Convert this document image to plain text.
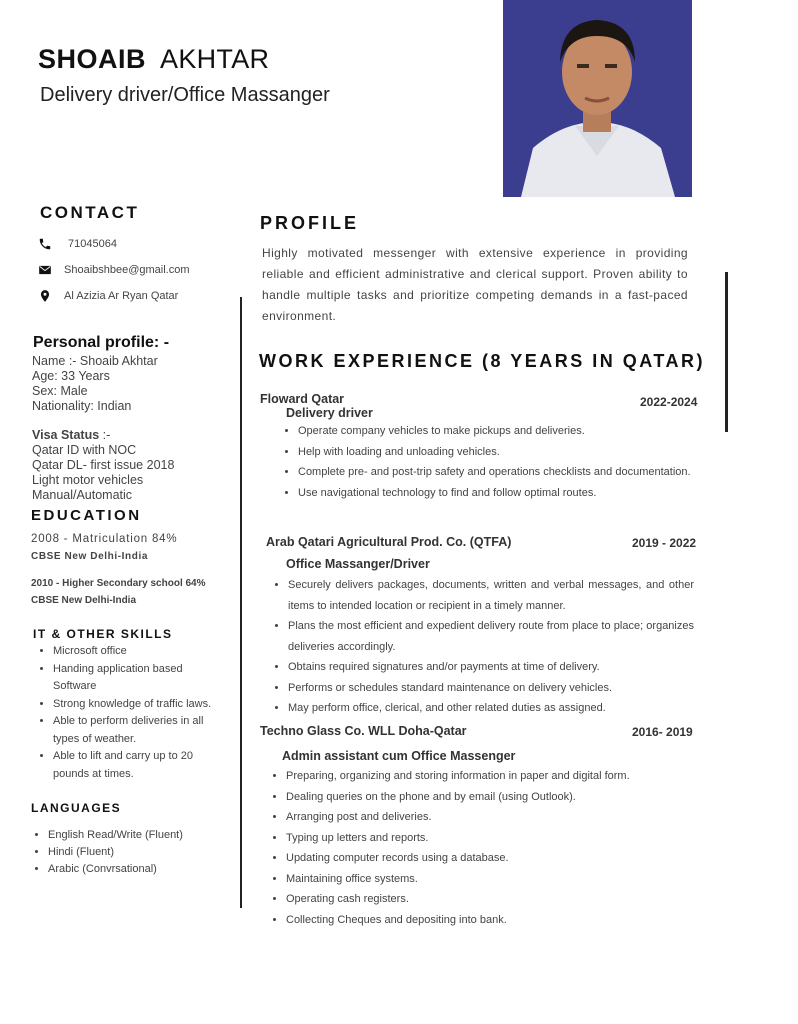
SHOAIB AKHTAR
Delivery driver/Office Massanger
CONTACT
71045064
Shoaibshbee@gmail.com
Al Azizia Ar Ryan Qatar
Personal profile: -
Name :- Shoaib Akhtar
Age: 33 Years
Sex: Male
Nationality: Indian
Visa Status :-
Qatar ID with NOC
Qatar DL- first issue 2018
Light motor vehicles
Manual/Automatic
EDUCATION
2008 - Matriculation 84%
CBSE New Delhi-India
2010 - Higher Secondary school 64%
CBSE New Delhi-India
IT & OTHER SKILLS
• Microsoft office
• Handing application based Software
• Strong knowledge of traffic laws.
• Able to perform deliveries in all types of weather.
• Able to lift and carry up to 20 pounds at times.
LANGUAGES
• English Read/Write (Fluent)
• Hindi (Fluent)
• Arabic (Convrsational)
PROFILE
Highly motivated messenger with extensive experience in providing reliable and efficient administrative and clerical support. Proven ability to handle multiple tasks and prioritize competing demands in a fast-paced environment.
WORK EXPERIENCE (8 YEARS IN QATAR)
Floward Qatar	2022-2024
Delivery driver
• Operate company vehicles to make pickups and deliveries.
• Help with loading and unloading vehicles.
• Complete pre- and post-trip safety and operations checklists and documentation.
• Use navigational technology to find and follow optimal routes.
Arab Qatari Agricultural Prod. Co. (QTFA)	2019 - 2022
Office Massanger/Driver
• Securely delivers packages, documents, written and verbal messages, and other items to intended location or recipient in a timely manner.
• Plans the most efficient and expedient delivery route from place to place; organizes deliveries accordingly.
• Obtains required signatures and/or payments at time of delivery.
• Performs or schedules standard maintenance on delivery vehicles.
• May perform office, clerical, and other related duties as assigned.
Techno Glass Co. WLL Doha-Qatar	2016- 2019
Admin assistant cum Office Massenger
• Preparing, organizing and storing information in paper and digital form.
• Dealing queries on the phone and by email (using Outlook).
• Arranging post and deliveries.
• Typing up letters and reports.
• Updating computer records using a database.
• Maintaining office systems.
• Operating cash registers.
• Collecting Cheques and depositing into bank.
